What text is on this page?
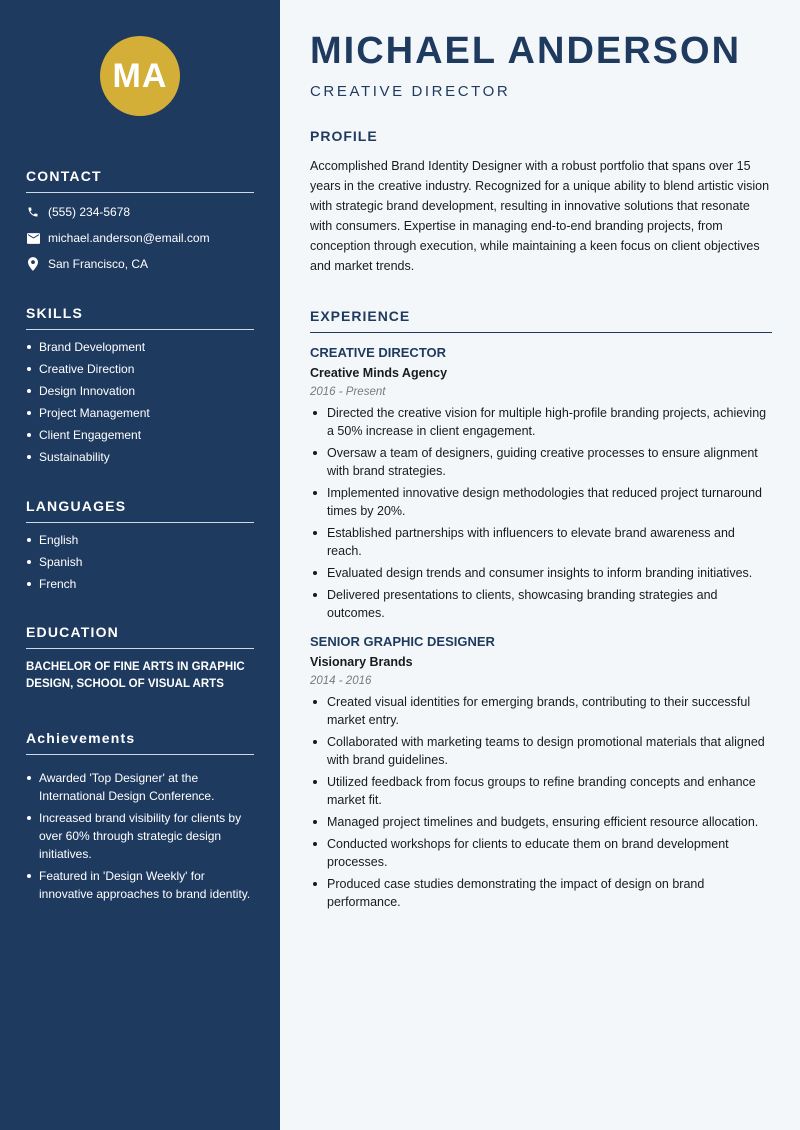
MA
CONTACT
(555) 234-5678
michael.anderson@email.com
San Francisco, CA
SKILLS
Brand Development
Creative Direction
Design Innovation
Project Management
Client Engagement
Sustainability
LANGUAGES
English
Spanish
French
EDUCATION
BACHELOR OF FINE ARTS IN GRAPHIC DESIGN, SCHOOL OF VISUAL ARTS
Achievements
Awarded 'Top Designer' at the International Design Conference.
Increased brand visibility for clients by over 60% through strategic design initiatives.
Featured in 'Design Weekly' for innovative approaches to brand identity.
MICHAEL ANDERSON
CREATIVE DIRECTOR
PROFILE
Accomplished Brand Identity Designer with a robust portfolio that spans over 15 years in the creative industry. Recognized for a unique ability to blend artistic vision with strategic brand development, resulting in innovative solutions that resonate with consumers. Expertise in managing end-to-end branding projects, from conception through execution, while maintaining a keen focus on client objectives and market trends.
EXPERIENCE
CREATIVE DIRECTOR
Creative Minds Agency
2016 - Present
Directed the creative vision for multiple high-profile branding projects, achieving a 50% increase in client engagement.
Oversaw a team of designers, guiding creative processes to ensure alignment with brand strategies.
Implemented innovative design methodologies that reduced project turnaround times by 20%.
Established partnerships with influencers to elevate brand awareness and reach.
Evaluated design trends and consumer insights to inform branding initiatives.
Delivered presentations to clients, showcasing branding strategies and outcomes.
SENIOR GRAPHIC DESIGNER
Visionary Brands
2014 - 2016
Created visual identities for emerging brands, contributing to their successful market entry.
Collaborated with marketing teams to design promotional materials that aligned with brand guidelines.
Utilized feedback from focus groups to refine branding concepts and enhance market fit.
Managed project timelines and budgets, ensuring efficient resource allocation.
Conducted workshops for clients to educate them on brand development processes.
Produced case studies demonstrating the impact of design on brand performance.
